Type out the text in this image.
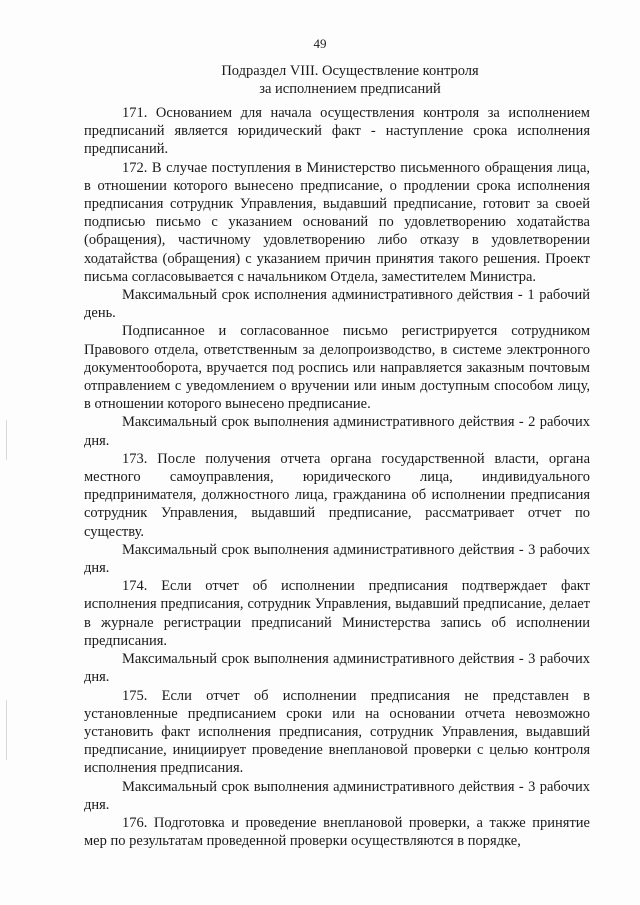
49
Подраздел VIII. Осуществление контроля
за исполнением предписаний

171. Основанием для начала осуществления контроля за исполнением предписаний является юридический факт - наступление срока исполнения предписаний.

172. В случае поступления в Министерство письменного обращения лица, в отношении которого вынесено предписание, о продлении срока исполнения предписания сотрудник Управления, выдавший предписание, готовит за своей подписью письмо с указанием оснований по удовлетворению ходатайства (обращения), частичному удовлетворению либо отказу в удовлетворении ходатайства (обращения) с указанием причин принятия такого решения. Проект письма согласовывается с начальником Отдела, заместителем Министра.

Максимальный срок исполнения административного действия - 1 рабочий день.

Подписанное и согласованное письмо регистрируется сотрудником Правового отдела, ответственным за делопроизводство, в системе электронного документооборота, вручается под роспись или направляется заказным почтовым отправлением с уведомлением о вручении или иным доступным способом лицу, в отношении которого вынесено предписание.

Максимальный срок выполнения административного действия - 2 рабочих дня.

173. После получения отчета органа государственной власти, органа местного самоуправления, юридического лица, индивидуального предпринимателя, должностного лица, гражданина об исполнении предписания сотрудник Управления, выдавший предписание, рассматривает отчет по существу.

Максимальный срок выполнения административного действия - 3 рабочих дня.

174. Если отчет об исполнении предписания подтверждает факт исполнения предписания, сотрудник Управления, выдавший предписание, делает в журнале регистрации предписаний Министерства запись об исполнении предписания.

Максимальный срок выполнения административного действия - 3 рабочих дня.

175. Если отчет об исполнении предписания не представлен в установленные предписанием сроки или на основании отчета невозможно установить факт исполнения предписания, сотрудник Управления, выдавший предписание, инициирует проведение внеплановой проверки с целью контроля исполнения предписания.

Максимальный срок выполнения административного действия - 3 рабочих дня.

176. Подготовка и проведение внеплановой проверки, а также принятие мер по результатам проведенной проверки осуществляются в порядке,
